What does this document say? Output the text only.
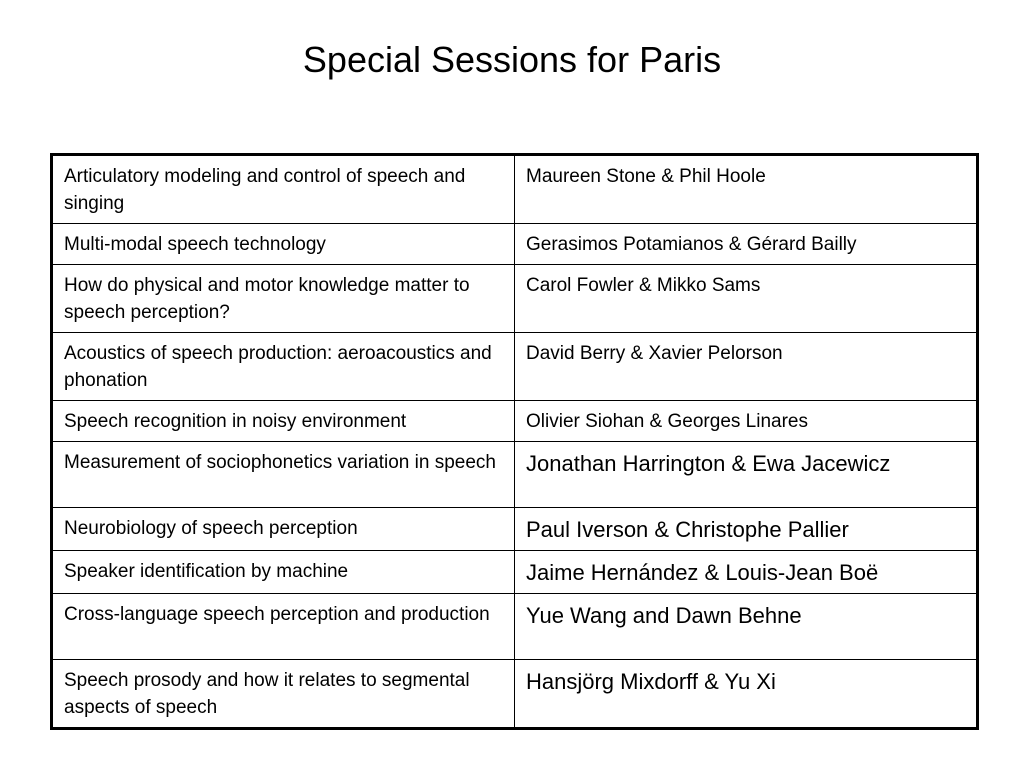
Special Sessions for Paris
Articulatory modeling and control of speech and singing	Maureen Stone & Phil Hoole
Multi-modal speech technology	Gerasimos Potamianos & Gérard Bailly
How do physical and motor knowledge matter to speech perception?	Carol Fowler & Mikko Sams
Acoustics of speech production: aeroacoustics and phonation	David Berry & Xavier Pelorson
Speech recognition in noisy environment	Olivier Siohan & Georges Linares
Measurement of sociophonetics variation in speech	Jonathan Harrington & Ewa Jacewicz
Neurobiology of speech perception	Paul Iverson & Christophe Pallier
Speaker identification by machine	Jaime Hernández & Louis-Jean Boë
Cross-language speech perception and production	Yue Wang and Dawn Behne
Speech prosody and how it relates to segmental aspects of speech	Hansjörg Mixdorff & Yu Xi
